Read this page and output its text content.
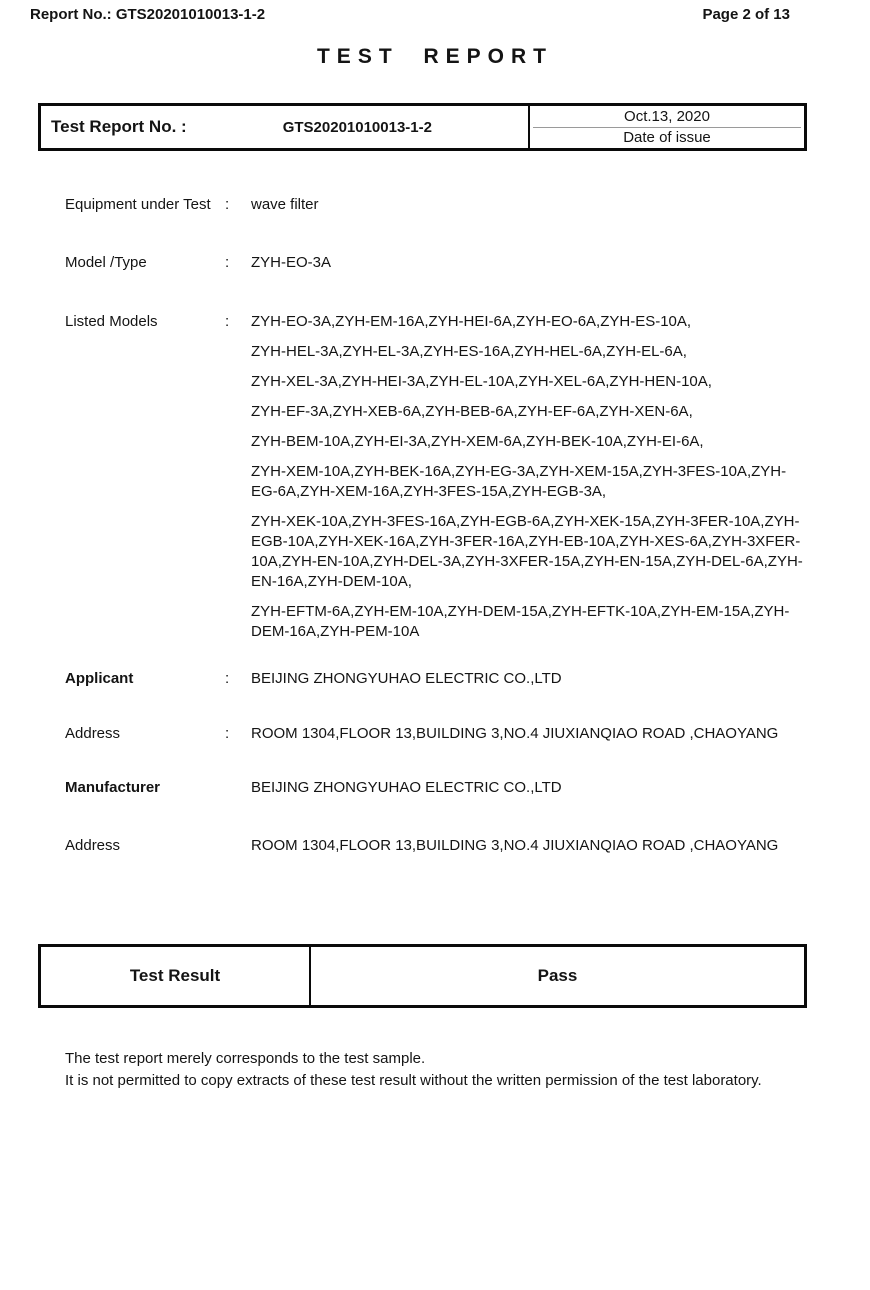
Report No.: GTS20201010013-1-2	Page 2 of 13
TEST REPORT
Test Report No. :	GTS20201010013-1-2
Oct.13, 2020
Date of issue
Equipment under Test :	wave filter
Model /Type	:	ZYH-EO-3A
Listed Models	:	ZYH-EO-3A,ZYH-EM-16A,ZYH-HEI-6A,ZYH-EO-6A,ZYH-ES-10A,

ZYH-HEL-3A,ZYH-EL-3A,ZYH-ES-16A,ZYH-HEL-6A,ZYH-EL-6A,

ZYH-XEL-3A,ZYH-HEI-3A,ZYH-EL-10A,ZYH-XEL-6A,ZYH-HEN-10A,

ZYH-EF-3A,ZYH-XEB-6A,ZYH-BEB-6A,ZYH-EF-6A,ZYH-XEN-6A,

ZYH-BEM-10A,ZYH-EI-3A,ZYH-XEM-6A,ZYH-BEK-10A,ZYH-EI-6A,

ZYH-XEM-10A,ZYH-BEK-16A,ZYH-EG-3A,ZYH-XEM-15A,ZYH-3FES-10A,ZYH-EG-6A,ZYH-XEM-16A,ZYH-3FES-15A,ZYH-EGB-3A,

ZYH-XEK-10A,ZYH-3FES-16A,ZYH-EGB-6A,ZYH-XEK-15A,ZYH-3FER-10A,ZYH-EGB-10A,ZYH-XEK-16A,ZYH-3FER-16A,ZYH-EB-10A,ZYH-XES-6A,ZYH-3XFER-10A,ZYH-EN-10A,ZYH-DEL-3A,ZYH-3XFER-15A,ZYH-EN-15A,ZYH-DEL-6A,ZYH-EN-16A,ZYH-DEM-10A,

ZYH-EFTM-6A,ZYH-EM-10A,ZYH-DEM-15A,ZYH-EFTK-10A,ZYH-EM-15A,ZYH-DEM-16A,ZYH-PEM-10A

Applicant	:	BEIJING ZHONGYUHAO ELECTRIC CO.,LTD
Address	:	ROOM 1304,FLOOR 13,BUILDING 3,NO.4 JIUXIANQIAO ROAD ,CHAOYANG
Manufacturer	BEIJING ZHONGYUHAO ELECTRIC CO.,LTD
Address	ROOM 1304,FLOOR 13,BUILDING 3,NO.4 JIUXIANQIAO ROAD ,CHAOYANG
Test Result	Pass

The test report merely corresponds to the test sample.

It is not permitted to copy extracts of these test result without the written permission of the test laboratory.
